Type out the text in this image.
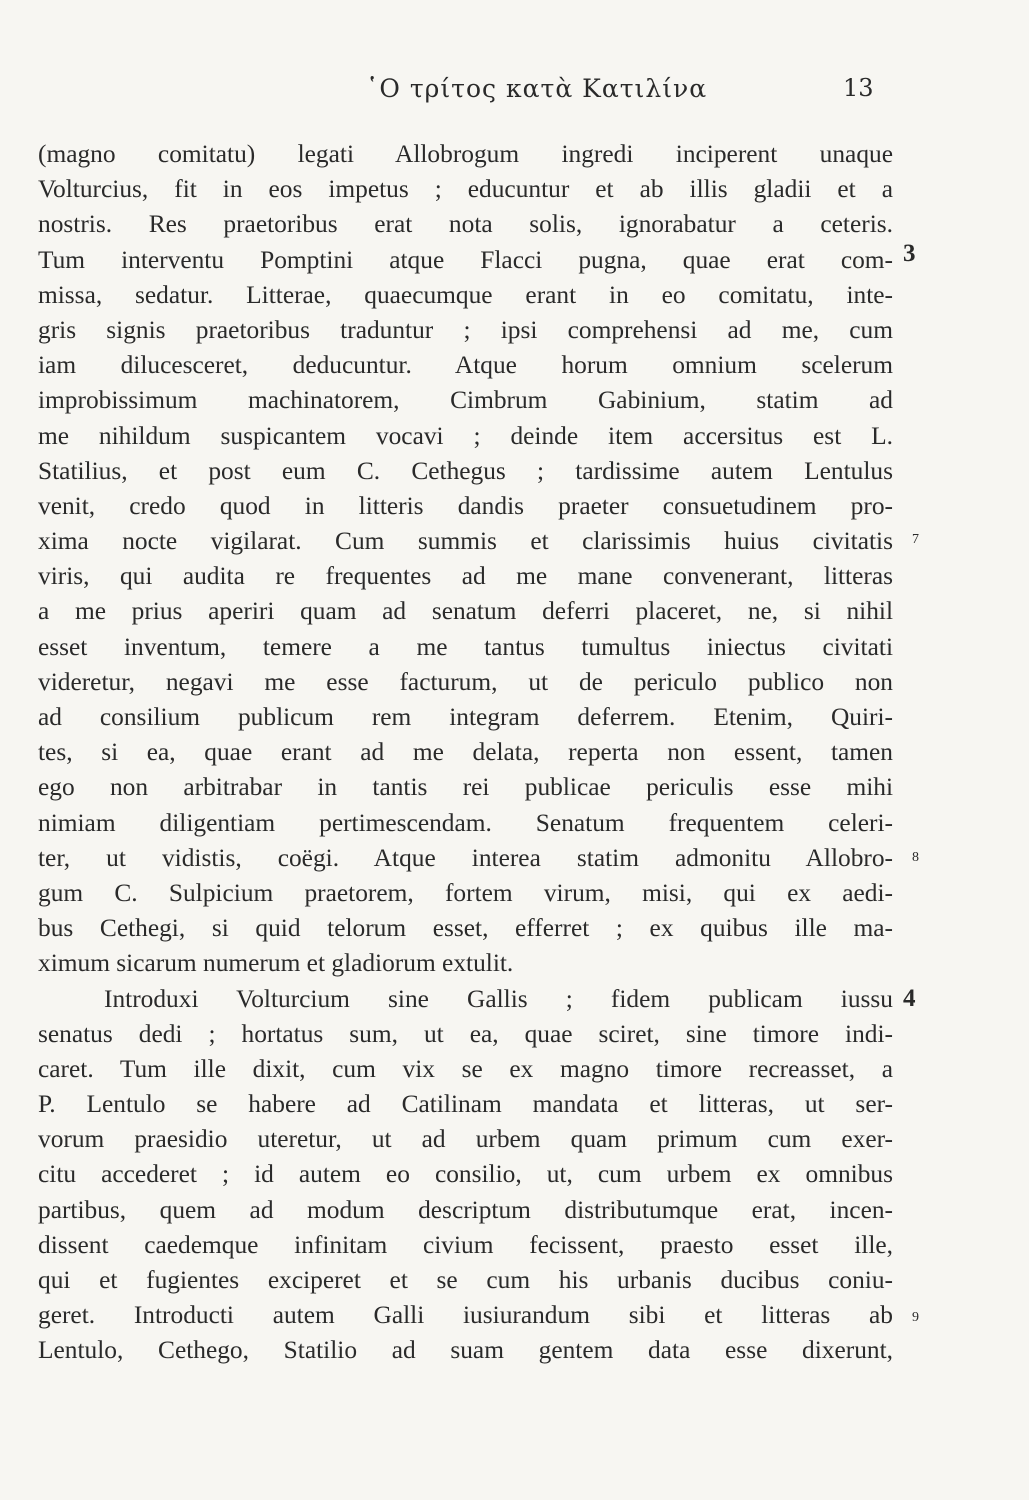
῾Ο τρίτος κατὰ Κατιλίνα	13
(magno comitatu) legati Allobrogum ingredi inciperent unaque
Volturcius, fit in eos impetus ; educuntur et ab illis gladii et a
nostris. Res praetoribus erat nota solis, ignorabatur a ceteris.
Tum interventu Pomptini atque Flacci pugna, quae erat com-
missa, sedatur. Litterae, quaecumque erant in eo comitatu, inte-
gris signis praetoribus traduntur ; ipsi comprehensi ad me, cum
iam dilucesceret, deducuntur. Atque horum omnium scelerum
improbissimum machinatorem, Cimbrum Gabinium, statim ad
me nihildum suspicantem vocavi ; deinde item accersitus est L.
Statilius, et post eum C. Cethegus ; tardissime autem Lentulus
venit, credo quod in litteris dandis praeter consuetudinem pro-
xima nocte vigilarat. Cum summis et clarissimis huius civitatis
viris, qui audita re frequentes ad me mane convenerant, litteras
a me prius aperiri quam ad senatum deferri placeret, ne, si nihil
esset inventum, temere a me tantus tumultus iniectus civitati
videretur, negavi me esse facturum, ut de periculo publico non
ad consilium publicum rem integram deferrem. Etenim, Quiri-
tes, si ea, quae erant ad me delata, reperta non essent, tamen
ego non arbitrabar in tantis rei publicae periculis esse mihi
nimiam diligentiam pertimescendam. Senatum frequentem celeri-
ter, ut vidistis, coëgi. Atque interea statim admonitu Allobro-
gum C. Sulpicium praetorem, fortem virum, misi, qui ex aedi-
bus Cethegi, si quid telorum esset, efferret ; ex quibus ille ma-
ximum sicarum numerum et gladiorum extulit.
Introduxi Volturcium sine Gallis ; fidem publicam iussu
senatus dedi ; hortatus sum, ut ea, quae sciret, sine timore indi-
caret. Tum ille dixit, cum vix se ex magno timore recreasset, a
P. Lentulo se habere ad Catilinam mandata et litteras, ut ser-
vorum praesidio uteretur, ut ad urbem quam primum cum exer-
citu accederet ; id autem eo consilio, ut, cum urbem ex omnibus
partibus, quem ad modum descriptum distributumque erat, incen-
dissent caedemque infinitam civium fecissent, praesto esset ille,
qui et fugientes exciperet et se cum his urbanis ducibus coniu-
geret. Introducti autem Galli iusiurandum sibi et litteras ab
Lentulo, Cethego, Statilio ad suam gentem data esse dixerunt,
3
7
8
4
9
